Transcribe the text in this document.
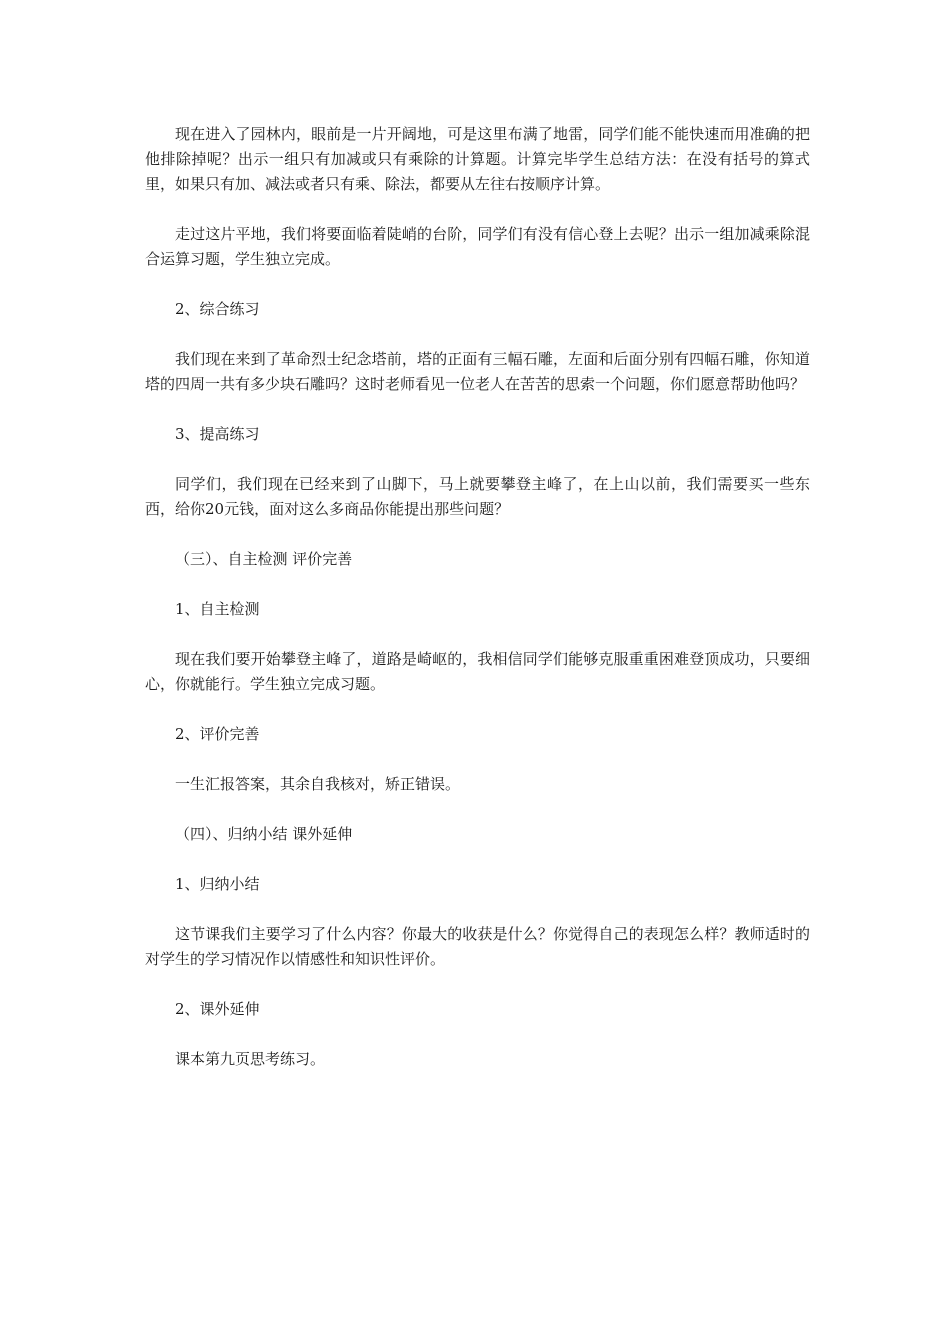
现在进入了园林内，眼前是一片开阔地，可是这里布满了地雷，同学们能不能快速而用准确的把他排除掉呢？出示一组只有加减或只有乘除的计算题。计算完毕学生总结方法：在没有括号的算式里，如果只有加、减法或者只有乘、除法，都要从左往右按顺序计算。

走过这片平地，我们将要面临着陡峭的台阶，同学们有没有信心登上去呢？出示一组加减乘除混合运算习题，学生独立完成。

2、综合练习

我们现在来到了革命烈士纪念塔前，塔的正面有三幅石雕，左面和后面分别有四幅石雕，你知道塔的四周一共有多少块石雕吗？这时老师看见一位老人在苦苦的思索一个问题，你们愿意帮助他吗？

3、提高练习

同学们，我们现在已经来到了山脚下，马上就要攀登主峰了，在上山以前，我们需要买一些东西，给你20元钱，面对这么多商品你能提出那些问题？

（三）、自主检测 评价完善

1、自主检测

现在我们要开始攀登主峰了，道路是崎岖的，我相信同学们能够克服重重困难登顶成功，只要细心，你就能行。学生独立完成习题。

2、评价完善

一生汇报答案，其余自我核对，矫正错误。

（四）、归纳小结 课外延伸

1、归纳小结

这节课我们主要学习了什么内容？你最大的收获是什么？你觉得自己的表现怎么样？教师适时的对学生的学习情况作以情感性和知识性评价。

2、课外延伸

课本第九页思考练习。
